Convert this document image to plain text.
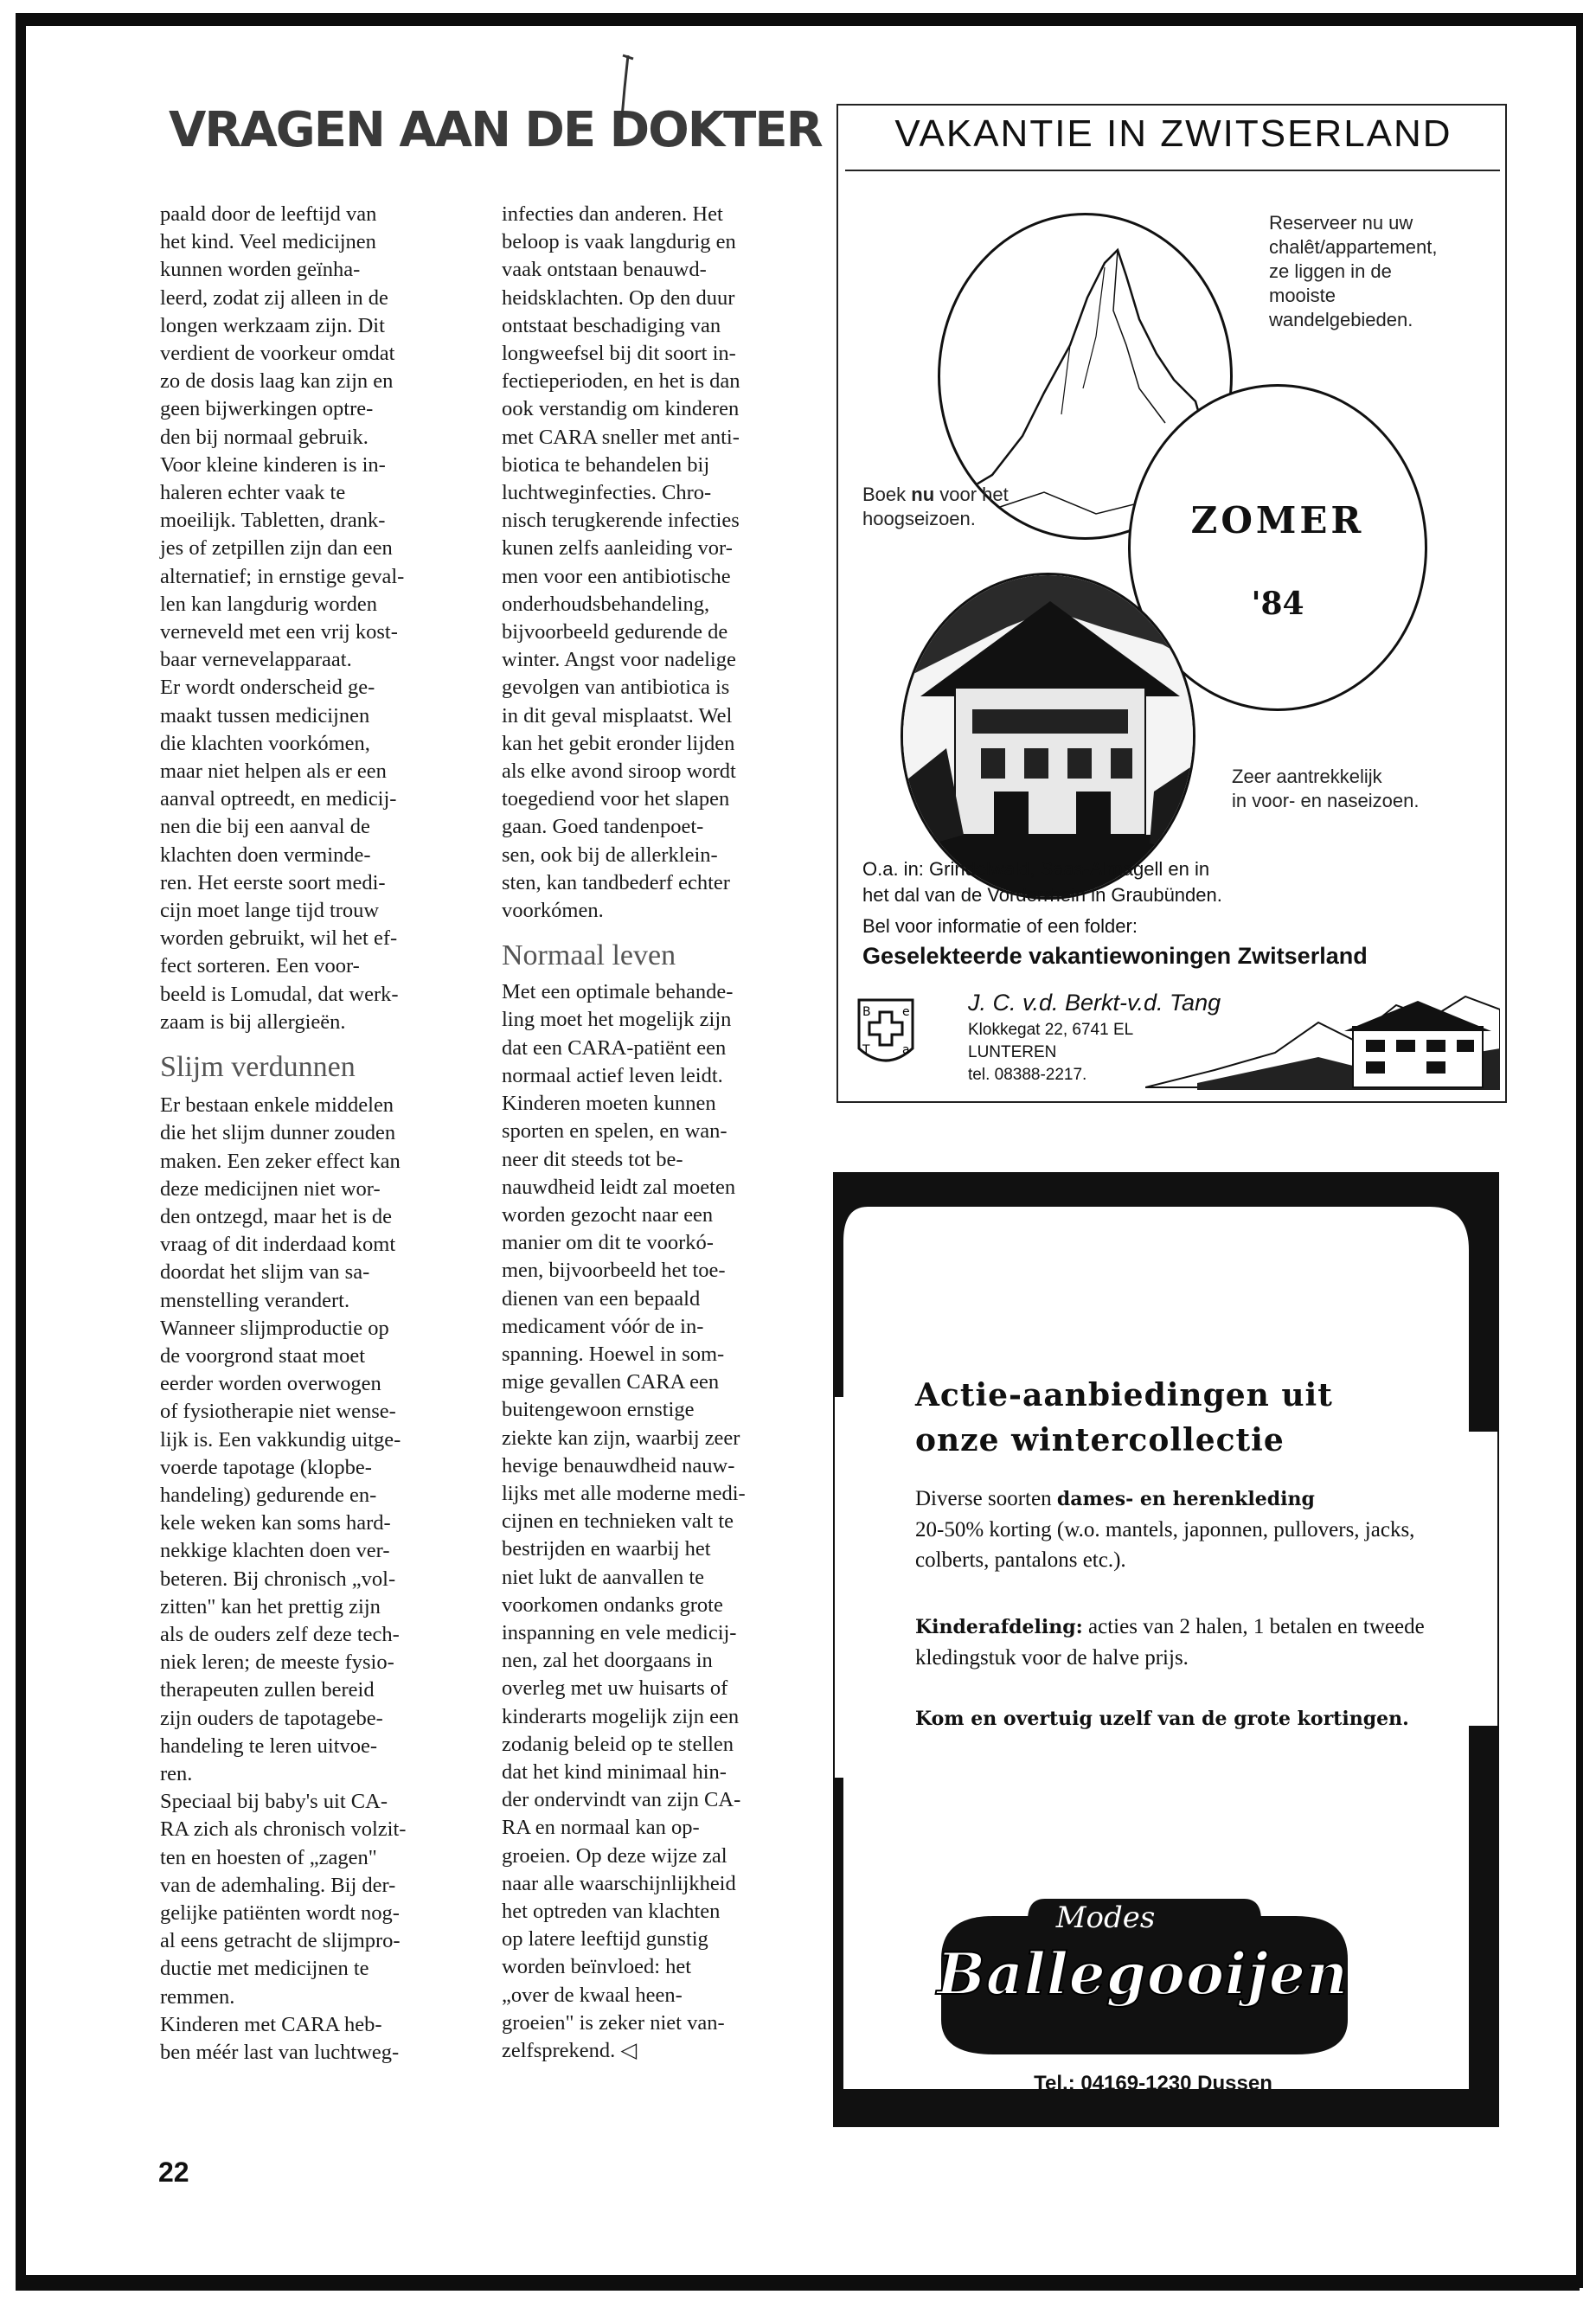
VRAGEN AAN DE DOKTER

paald door de leeftijd van
het kind. Veel medicijnen
kunnen worden geïnha-
leerd, zodat zij alleen in de
longen werkzaam zijn. Dit
verdient de voorkeur omdat
zo de dosis laag kan zijn en
geen bijwerkingen optre-
den bij normaal gebruik.
Voor kleine kinderen is in-
haleren echter vaak te
moeilijk. Tabletten, drank-
jes of zetpillen zijn dan een
alternatief; in ernstige geval-
len kan langdurig worden
verneveld met een vrij kost-
baar vernevelapparaat.
Er wordt onderscheid ge-
maakt tussen medicijnen
die klachten voorkómen,
maar niet helpen als er een
aanval optreedt, en medicij-
nen die bij een aanval de
klachten doen verminde-
ren. Het eerste soort medi-
cijn moet lange tijd trouw
worden gebruikt, wil het ef-
fect sorteren. Een voor-
beeld is Lomudal, dat werk-
zaam is bij allergieën.

Slijm verdunnen

Er bestaan enkele middelen
die het slijm dunner zouden
maken. Een zeker effect kan
deze medicijnen niet wor-
den ontzegd, maar het is de
vraag of dit inderdaad komt
doordat het slijm van sa-
menstelling verandert.
Wanneer slijmproductie op
de voorgrond staat moet
eerder worden overwogen
of fysiotherapie niet wense-
lijk is. Een vakkundig uitge-
voerde tapotage (klopbe-
handeling) gedurende en-
kele weken kan soms hard-
nekkige klachten doen ver-
beteren. Bij chronisch „vol-
zitten" kan het prettig zijn
als de ouders zelf deze tech-
niek leren; de meeste fysio-
therapeuten zullen bereid
zijn ouders de tapotagebe-
handeling te leren uitvoe-
ren.
Speciaal bij baby's uit CA-
RA zich als chronisch volzit-
ten en hoesten of „zagen"
van de ademhaling. Bij der-
gelijke patiënten wordt nog-
al eens getracht de slijmpro-
ductie met medicijnen te
remmen.
Kinderen met CARA heb-
ben méér last van luchtweg-

infecties dan anderen. Het
beloop is vaak langdurig en
vaak ontstaan benauwd-
heidsklachten. Op den duur
ontstaat beschadiging van
longweefsel bij dit soort in-
fectieperioden, en het is dan
ook verstandig om kinderen
met CARA sneller met anti-
biotica te behandelen bij
luchtweginfecties. Chro-
nisch terugkerende infecties
kunen zelfs aanleiding vor-
men voor een antibiotische
onderhoudsbehandeling,
bijvoorbeeld gedurende de
winter. Angst voor nadelige
gevolgen van antibiotica is
in dit geval misplaatst. Wel
kan het gebit eronder lijden
als elke avond siroop wordt
toegediend voor het slapen
gaan. Goed tandenpoet-
sen, ook bij de allerklein-
sten, kan tandbederf echter
voorkómen.

Normaal leven

Met een optimale behande-
ling moet het mogelijk zijn
dat een CARA-patiënt een
normaal actief leven leidt.
Kinderen moeten kunnen
sporten en spelen, en wan-
neer dit steeds tot be-
nauwdheid leidt zal moeten
worden gezocht naar een
manier om dit te voorkó-
men, bijvoorbeeld het toe-
dienen van een bepaald
medicament vóór de in-
spanning. Hoewel in som-
mige gevallen CARA een
buitengewoon ernstige
ziekte kan zijn, waarbij zeer
hevige benauwdheid nauw-
lijks met alle moderne medi-
cijnen en technieken valt te
bestrijden en waarbij het
niet lukt de aanvallen te
voorkomen ondanks grote
inspanning en vele medicij-
nen, zal het doorgaans in
overleg met uw huisarts of
kinderarts mogelijk zijn een
zodanig beleid op te stellen
dat het kind minimaal hin-
der ondervindt van zijn CA-
RA en normaal kan op-
groeien. Op deze wijze zal
naar alle waarschijnlijkheid
het optreden van klachten
op latere leeftijd gunstig
worden beïnvloed: het
„over de kwaal heen-
groeien" is zeker niet van-
zelfsprekend. ◁

22
VAKANTIE IN ZWITSERLAND
ZOMER
'84
Reserveer nu uw
chalêt/appartement,
ze liggen in de
mooiste
wandelgebieden.
Boek nu voor het
hoogseizoen.
Zeer aantrekkelijk
in voor- en naseizoen.
O.a. in: Grindelwald, Saas-Almagell en in
het dal van de Vorderrhein in Graubünden.
Bel voor informatie of een folder:
Geselekteerde vakantiewoningen Zwitserland
B	e
T	a
J. C. v.d. Berkt-v.d. Tang
Klokkegat 22, 6741 EL
LUNTEREN
tel. 08388-2217.
Actie-aanbiedingen uit
onze wintercollectie
Diverse soorten dames- en herenkleding
20-50% korting (w.o. mantels, japonnen, pullovers, jacks, colberts, pantalons etc.).
Kinderafdeling: acties van 2 halen, 1 betalen en tweede kledingstuk voor de halve prijs.
Kom en overtuig uzelf van de grote kortingen.
Modes
Ballegooijen
Tel.: 04169-1230 Dussen
